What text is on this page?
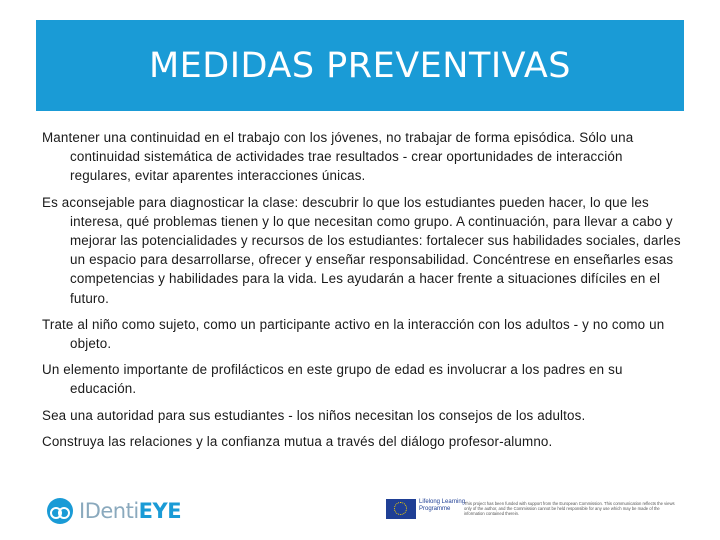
MEDIDAS PREVENTIVAS

Mantener una continuidad en el trabajo con los jóvenes, no trabajar de forma episódica. Sólo una continuidad sistemática de actividades trae resultados - crear oportunidades de interacción regulares, evitar aparentes interacciones únicas.

Es aconsejable para diagnosticar la clase: descubrir lo que los estudiantes pueden hacer, lo que les interesa, qué problemas tienen y lo que necesitan como grupo. A continuación, para llevar a cabo y mejorar las potencialidades y recursos de los estudiantes: fortalecer sus habilidades sociales, darles un espacio para desarrollarse, ofrecer y enseñar responsabilidad. Concéntrese en enseñarles esas competencias y habilidades para la vida. Les ayudarán a hacer frente a situaciones difíciles en el futuro.

Trate al niño como sujeto, como un participante activo en la interacción con los adultos - y no como un objeto.

Un elemento importante de profilácticos en este grupo de edad es involucrar a los padres en su educación.

Sea una autoridad para sus estudiantes - los niños necesitan los consejos de los adultos.

Construya las relaciones y la confianza mutua a través del diálogo profesor-alumno.

IDentiEYE	Lifelong Learning Programme
This project has been funded with support from the European Commission. This communication reflects the views only of the author, and the Commission cannot be held responsible for any use which may be made of the information contained therein.
